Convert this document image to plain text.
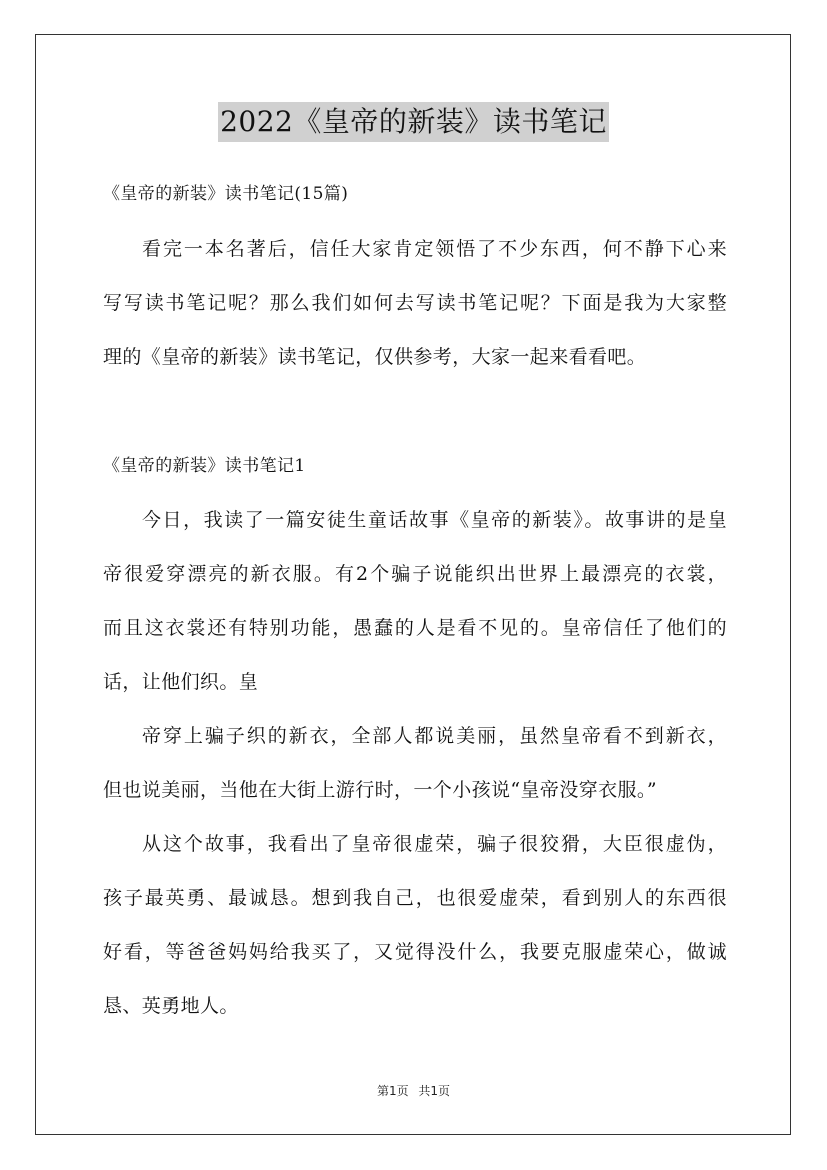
2022《皇帝的新装》读书笔记
《皇帝的新装》读书笔记(15篇)
看完一本名著后，信任大家肯定领悟了不少东西，何不静下心来
写写读书笔记呢？那么我们如何去写读书笔记呢？下面是我为大家整
理的《皇帝的新装》读书笔记，仅供参考，大家一起来看看吧。
《皇帝的新装》读书笔记1
今日，我读了一篇安徒生童话故事《皇帝的新装》。故事讲的是皇
帝很爱穿漂亮的新衣服。有2个骗子说能织出世界上最漂亮的衣裳，
而且这衣裳还有特别功能，愚蠢的人是看不见的。皇帝信任了他们的
话，让他们织。皇
帝穿上骗子织的新衣，全部人都说美丽，虽然皇帝看不到新衣，
但也说美丽，当他在大街上游行时，一个小孩说“皇帝没穿衣服。”
从这个故事，我看出了皇帝很虚荣，骗子很狡猾，大臣很虚伪，
孩子最英勇、最诚恳。想到我自己，也很爱虚荣，看到别人的东西很
好看，等爸爸妈妈给我买了，又觉得没什么，我要克服虚荣心，做诚
恳、英勇地人。
第1页 共1页
